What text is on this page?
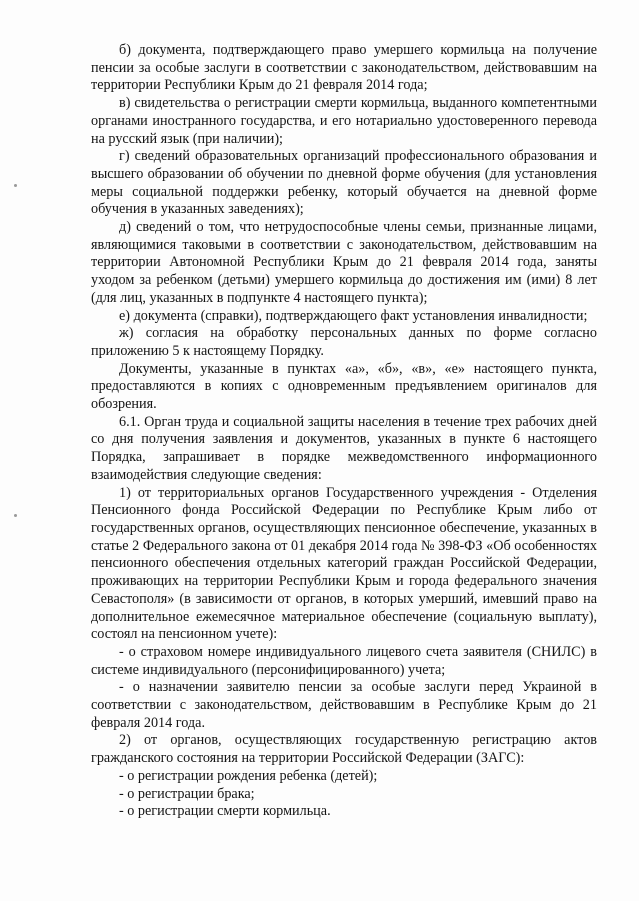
б) документа, подтверждающего право умершего кормильца на получение пенсии за особые заслуги в соответствии с законодательством, действовавшим на территории Республики Крым до 21 февраля 2014 года;

в) свидетельства о регистрации смерти кормильца, выданного компетентными органами иностранного государства, и его нотариально удостоверенного перевода на русский язык (при наличии);

г) сведений образовательных организаций профессионального образования и высшего образовании об обучении по дневной форме обучения (для установления меры социальной поддержки ребенку, который обучается на дневной форме обучения в указанных заведениях);

д) сведений о том, что нетрудоспособные члены семьи, признанные лицами, являющимися таковыми в соответствии с законодательством, действовавшим на территории Автономной Республики Крым до 21 февраля 2014 года, заняты уходом за ребенком (детьми) умершего кормильца до достижения им (ими) 8 лет (для лиц, указанных в подпункте 4 настоящего пункта);

е) документа (справки), подтверждающего факт установления инвалидности;

ж) согласия на обработку персональных данных по форме согласно приложению 5 к настоящему Порядку.

Документы, указанные в пунктах «а», «б», «в», «е» настоящего пункта, предоставляются в копиях с одновременным предъявлением оригиналов для обозрения.

6.1. Орган труда и социальной защиты населения в течение трех рабочих дней со дня получения заявления и документов, указанных в пункте 6 настоящего Порядка, запрашивает в порядке межведомственного информационного взаимодействия следующие сведения:

1) от территориальных органов Государственного учреждения - Отделения Пенсионного фонда Российской Федерации по Республике Крым либо от государственных органов, осуществляющих пенсионное обеспечение, указанных в статье 2 Федерального закона от 01 декабря 2014 года № 398-ФЗ «Об особенностях пенсионного обеспечения отдельных категорий граждан Российской Федерации, проживающих на территории Республики Крым и города федерального значения Севастополя» (в зависимости от органов, в которых умерший, имевший право на дополнительное ежемесячное материальное обеспечение (социальную выплату), состоял на пенсионном учете):

- о страховом номере индивидуального лицевого счета заявителя (СНИЛС) в системе индивидуального (персонифицированного) учета;

- о назначении заявителю пенсии за особые заслуги перед Украиной в соответствии с законодательством, действовавшим в Республике Крым до 21 февраля 2014 года.

2) от органов, осуществляющих государственную регистрацию актов гражданского состояния на территории Российской Федерации (ЗАГС):

- о регистрации рождения ребенка (детей);

- о регистрации брака;

- о регистрации смерти кормильца.
